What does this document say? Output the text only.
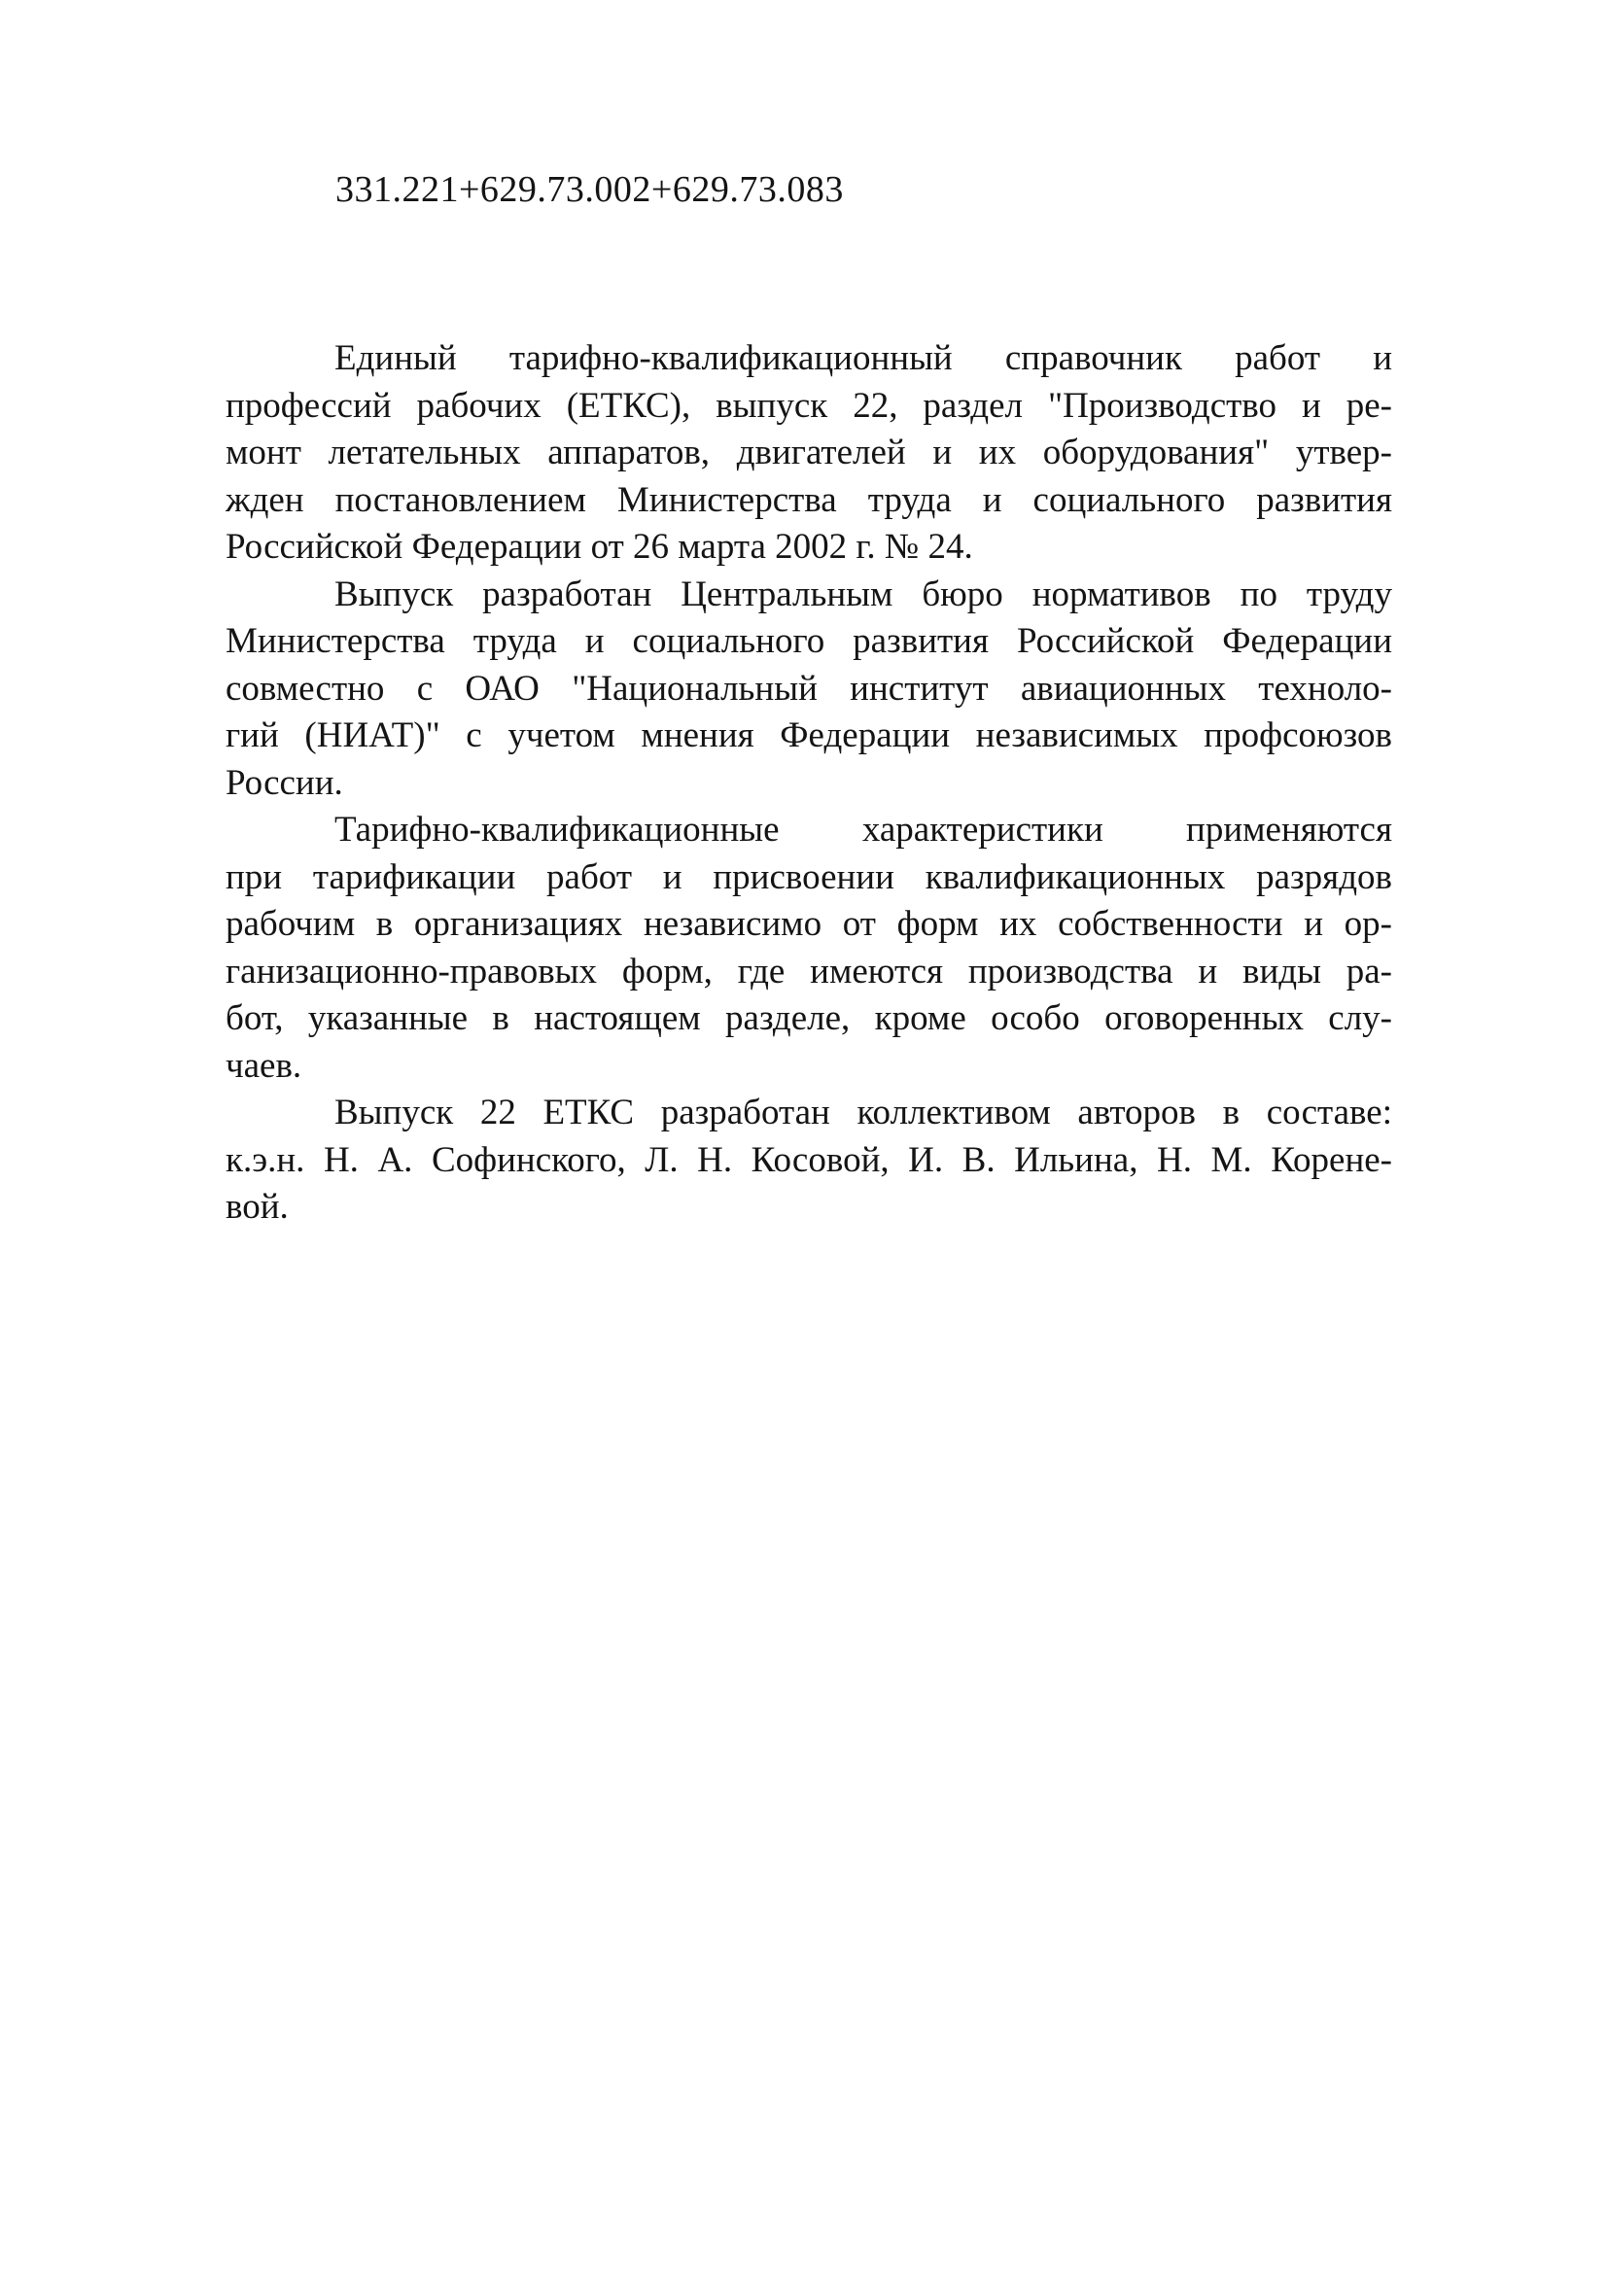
331.221+629.73.002+629.73.083
Единый тарифно-квалификационный справочник работ и
профессий рабочих (ЕТКС), выпуск 22, раздел "Производство и ре-
монт летательных аппаратов, двигателей и их оборудования" утвер-
жден постановлением Министерства труда и социального развития
Российской Федерации от 26 марта 2002 г. № 24.
Выпуск разработан Центральным бюро нормативов по труду
Министерства труда и социального развития Российской Федерации
совместно с ОАО "Национальный институт авиационных техноло-
гий (НИАТ)" с учетом мнения Федерации независимых профсоюзов
России.
Тарифно-квалификационные характеристики применяются
при тарификации работ и присвоении квалификационных разрядов
рабочим в организациях независимо от форм их собственности и ор-
ганизационно-правовых форм, где имеются производства и виды ра-
бот, указанные в настоящем разделе, кроме особо оговоренных слу-
чаев.
Выпуск 22 ЕТКС разработан коллективом авторов в составе:
к.э.н. Н. А. Софинского, Л. Н. Косовой, И. В. Ильина, Н. М. Корене-
вой.
